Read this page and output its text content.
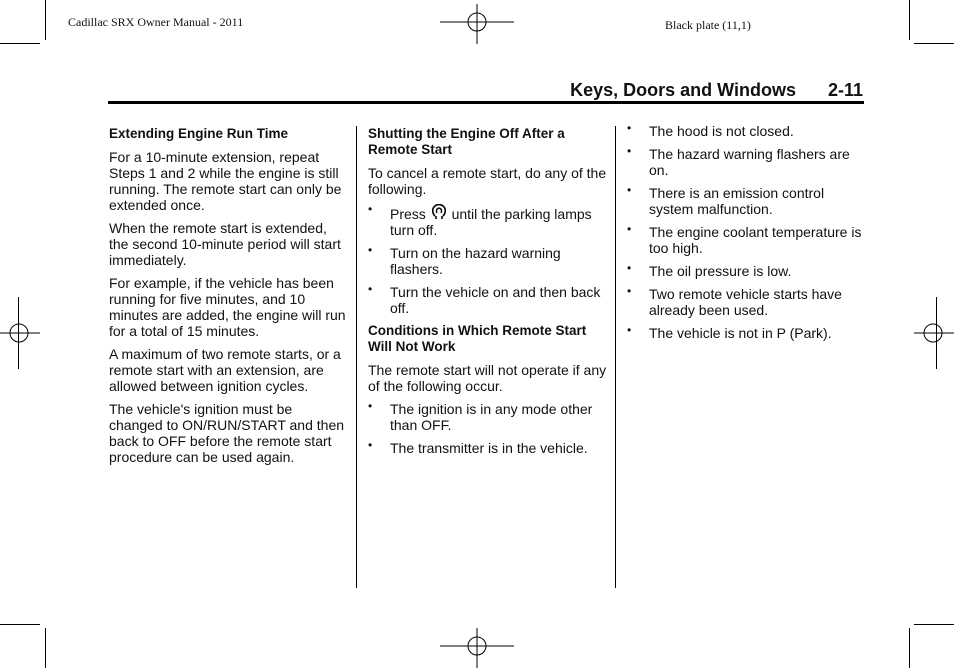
Cadillac SRX Owner Manual - 2011	Black plate (11,1)
Keys, Doors and Windows 2-11
Extending Engine Run Time

For a 10-minute extension, repeat Steps 1 and 2 while the engine is still running. The remote start can only be extended once.

When the remote start is extended, the second 10-minute period will start immediately.

For example, if the vehicle has been running for five minutes, and 10 minutes are added, the engine will run for a total of 15 minutes.

A maximum of two remote starts, or a remote start with an extension, are allowed between ignition cycles.

The vehicle's ignition must be changed to ON/RUN/START and then back to OFF before the remote start procedure can be used again.

Shutting the Engine Off After a Remote Start

To cancel a remote start, do any of the following.

• Press until the parking lamps turn off.
• Turn on the hazard warning flashers.
• Turn the vehicle on and then back off.
Conditions in Which Remote Start Will Not Work

The remote start will not operate if any of the following occur.

• The ignition is in any mode other than OFF.
• The transmitter is in the vehicle.
• The hood is not closed.
• The hazard warning flashers are on.
• There is an emission control system malfunction.
• The engine coolant temperature is too high.
• The oil pressure is low.
• Two remote vehicle starts have already been used.
• The vehicle is not in P (Park).
